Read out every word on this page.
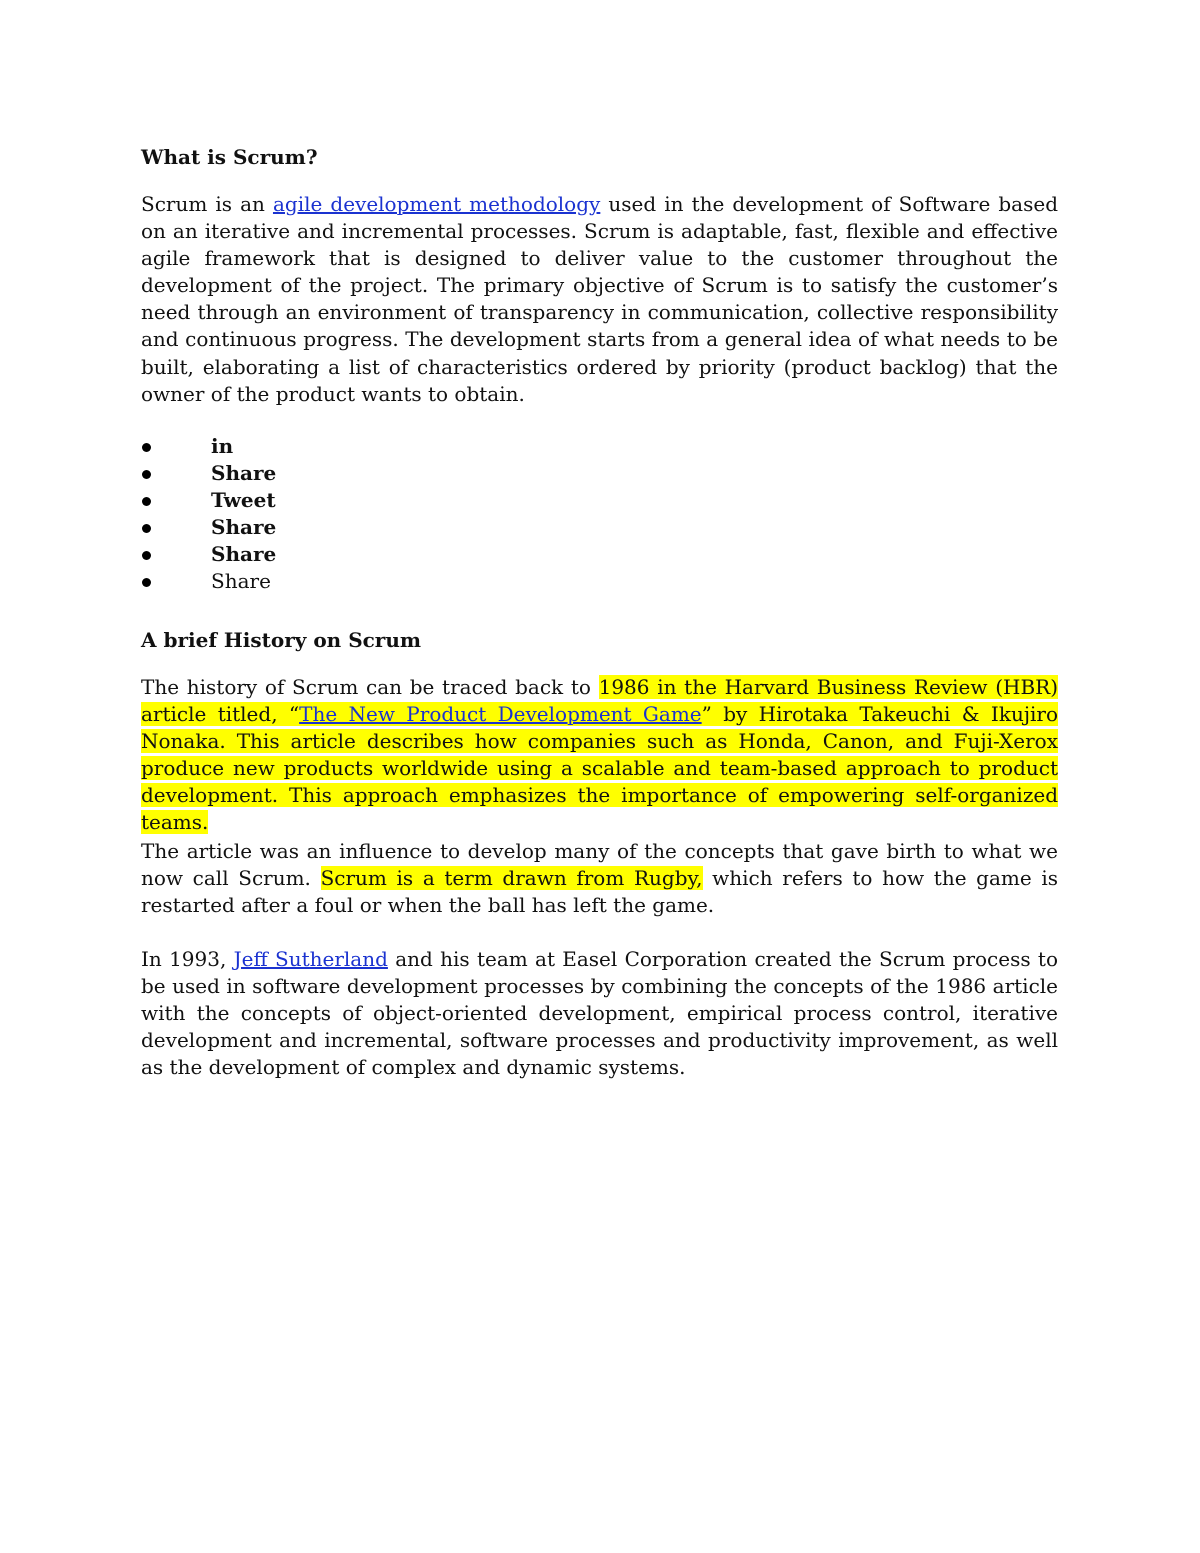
What is Scrum?

Scrum is an agile development methodology used in the development of Software based on an iterative and incremental processes. Scrum is adaptable, fast, flexible and effective agile framework that is designed to deliver value to the customer throughout the development of the project. The primary objective of Scrum is to satisfy the customer’s need through an environment of transparency in communication, collective responsibility and continuous progress. The development starts from a general idea of what needs to be built, elaborating a list of characteristics ordered by priority (product backlog) that the owner of the product wants to obtain.

in
Share
Tweet
Share
Share
Share
A brief History on Scrum

The history of Scrum can be traced back to 1986 in the Harvard Business Review (HBR) article titled, “The New Product Development Game” by Hirotaka Takeuchi & Ikujiro Nonaka. This article describes how companies such as Honda, Canon, and Fuji-Xerox produce new products worldwide using a scalable and team-based approach to product development. This approach emphasizes the importance of empowering self-organized teams.

The article was an influence to develop many of the concepts that gave birth to what we now call Scrum. Scrum is a term drawn from Rugby, which refers to how the game is restarted after a foul or when the ball has left the game.

In 1993, Jeff Sutherland and his team at Easel Corporation created the Scrum process to be used in software development processes by combining the concepts of the 1986 article with the concepts of object-oriented development, empirical process control, iterative development and incremental, software processes and productivity improvement, as well as the development of complex and dynamic systems.
